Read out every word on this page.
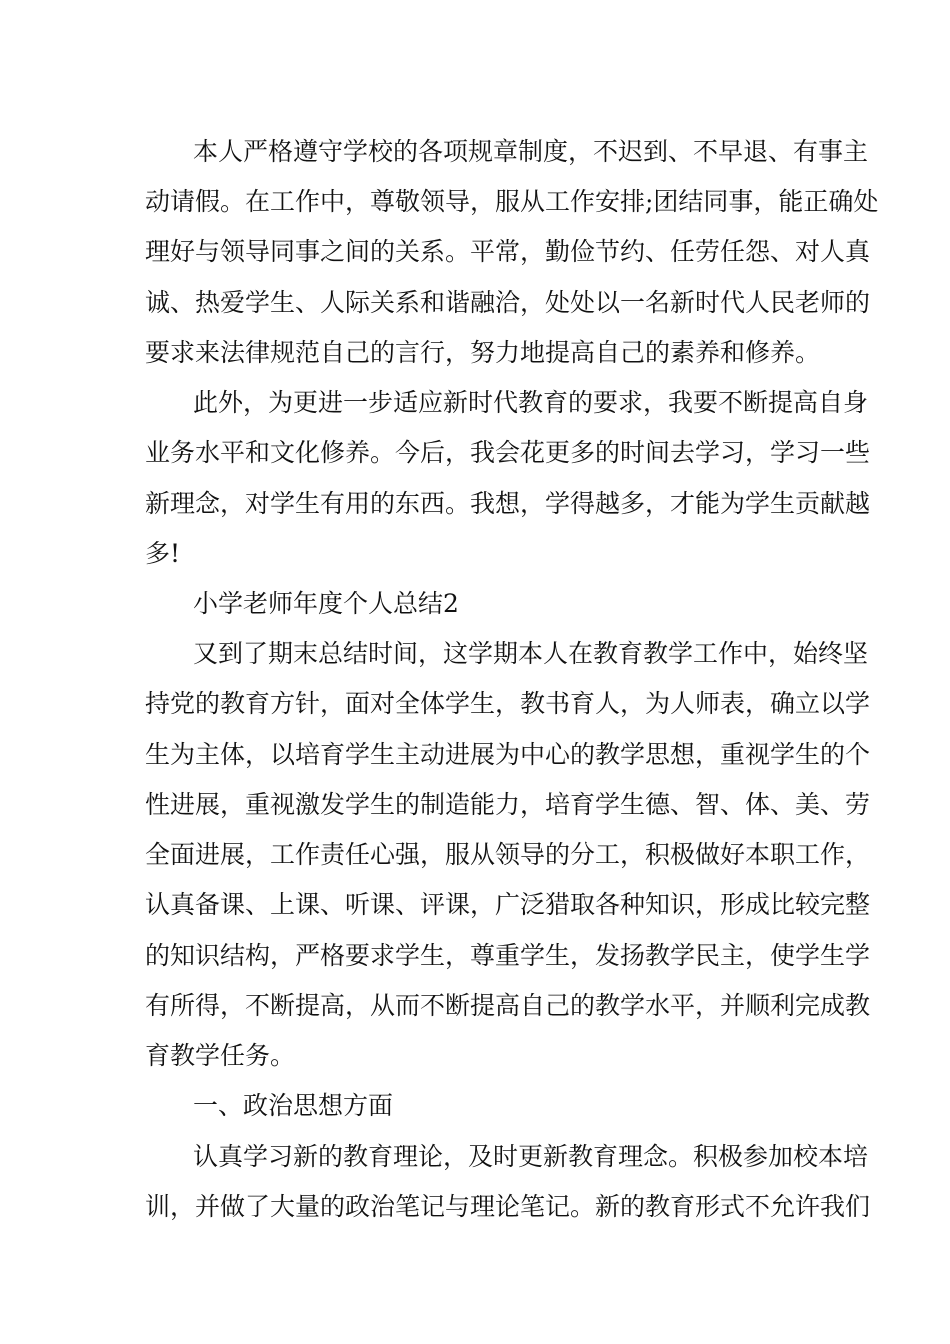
本人严格遵守学校的各项规章制度，不迟到、不早退、有事主
动请假。在工作中，尊敬领导，服从工作安排;团结同事，能正确处
理好与领导同事之间的关系。平常，勤俭节约、任劳任怨、对人真
诚、热爱学生、人际关系和谐融洽，处处以一名新时代人民老师的
要求来法律规范自己的言行，努力地提高自己的素养和修养。
此外，为更进一步适应新时代教育的要求，我要不断提高自身
业务水平和文化修养。今后，我会花更多的时间去学习，学习一些
新理念，对学生有用的东西。我想，学得越多，才能为学生贡献越
多!
小学老师年度个人总结2
又到了期末总结时间，这学期本人在教育教学工作中，始终坚
持党的教育方针，面对全体学生，教书育人，为人师表，确立以学
生为主体，以培育学生主动进展为中心的教学思想，重视学生的个
性进展，重视激发学生的制造能力，培育学生德、智、体、美、劳
全面进展，工作责任心强，服从领导的分工，积极做好本职工作，
认真备课、上课、听课、评课，广泛猎取各种知识，形成比较完整
的知识结构，严格要求学生，尊重学生，发扬教学民主，使学生学
有所得，不断提高，从而不断提高自己的教学水平，并顺利完成教
育教学任务。
一、政治思想方面
认真学习新的教育理论，及时更新教育理念。积极参加校本培
训，并做了大量的政治笔记与理论笔记。新的教育形式不允许我们
